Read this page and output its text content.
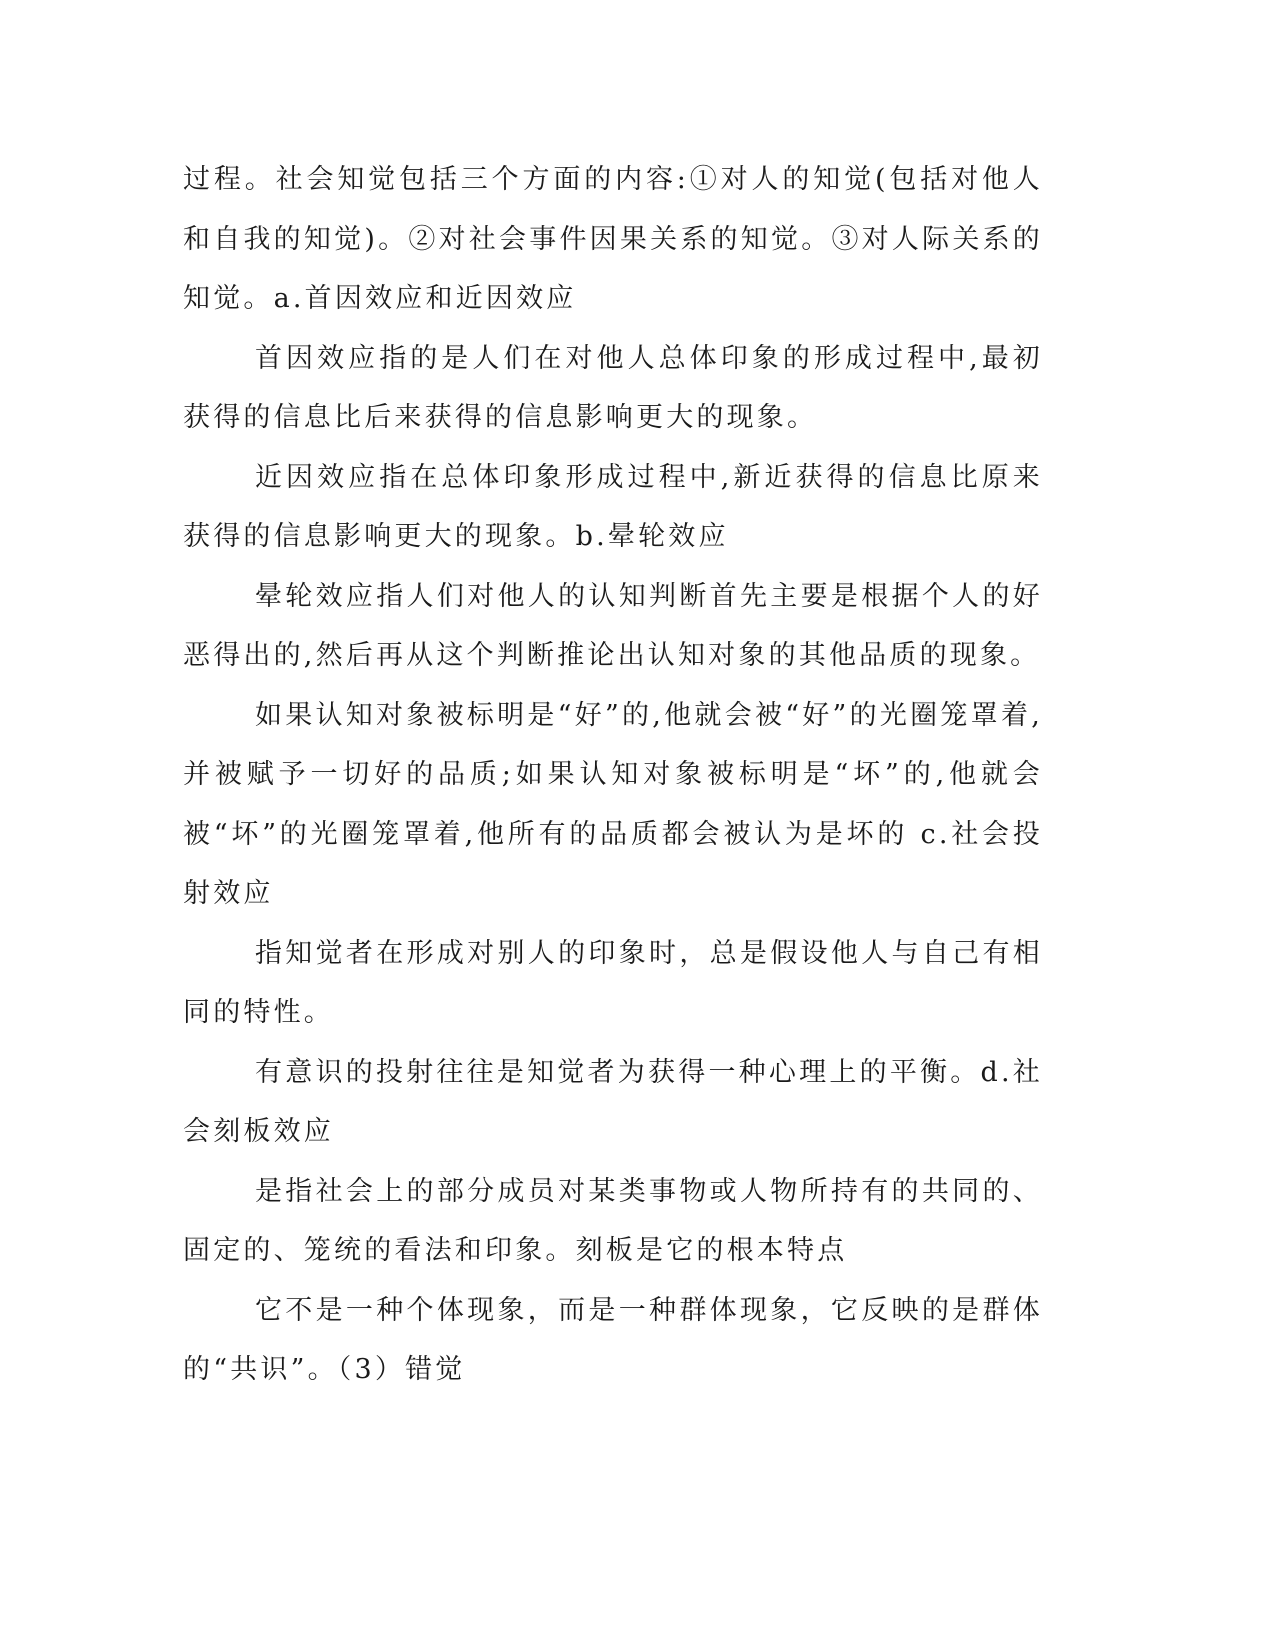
过程。社会知觉包括三个方面的内容:①对人的知觉(包括对他人和自我的知觉)。②对社会事件因果关系的知觉。③对人际关系的知觉。a.首因效应和近因效应

首因效应指的是人们在对他人总体印象的形成过程中,最初获得的信息比后来获得的信息影响更大的现象。

近因效应指在总体印象形成过程中,新近获得的信息比原来获得的信息影响更大的现象。b.晕轮效应

晕轮效应指人们对他人的认知判断首先主要是根据个人的好恶得出的,然后再从这个判断推论出认知对象的其他品质的现象。

如果认知对象被标明是“好”的,他就会被“好”的光圈笼罩着,并被赋予一切好的品质;如果认知对象被标明是“坏”的,他就会被“坏”的光圈笼罩着,他所有的品质都会被认为是坏的 c.社会投射效应

指知觉者在形成对别人的印象时，总是假设他人与自己有相同的特性。

有意识的投射往往是知觉者为获得一种心理上的平衡。d.社会刻板效应

是指社会上的部分成员对某类事物或人物所持有的共同的、固定的、笼统的看法和印象。刻板是它的根本特点

它不是一种个体现象，而是一种群体现象，它反映的是群体的“共识”。（3）错觉
